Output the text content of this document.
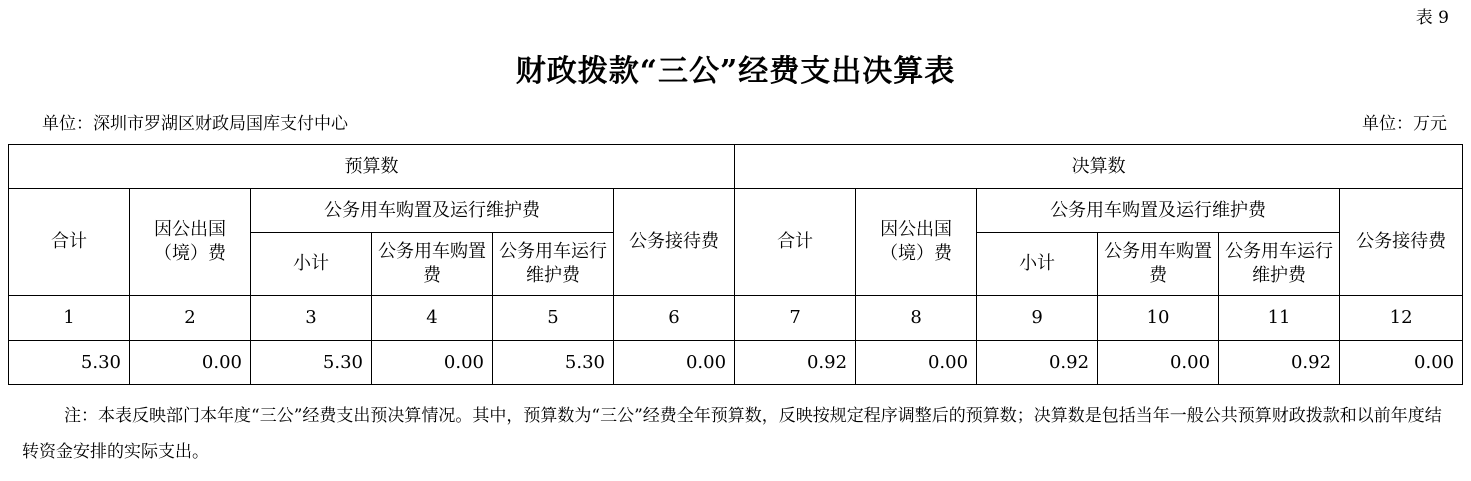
表 9
财政拨款“三公”经费支出决算表
单位：深圳市罗湖区财政局国库支付中心	单位：万元
预算数						决算数					
合计	因公出国（境）费	公务用车购置及运行维护费			公务接待费	合计	因公出国（境）费	公务用车购置及运行维护费			公务接待费
		小计	公务用车购置费	公务用车运行维护费				小计	公务用车购置费	公务用车运行维护费	
1	2	3	4	5	6	7	8	9	10	11	12
5.30	0.00	5.30	0.00	5.30	0.00	0.92	0.00	0.92	0.00	0.92	0.00

注：本表反映部门本年度“三公”经费支出预决算情况。其中，预算数为“三公”经费全年预算数，反映按规定程序调整后的预算数；决算数是包括当年一般公共预算财政拨款和以前年度结转资金安排的实际支出。
